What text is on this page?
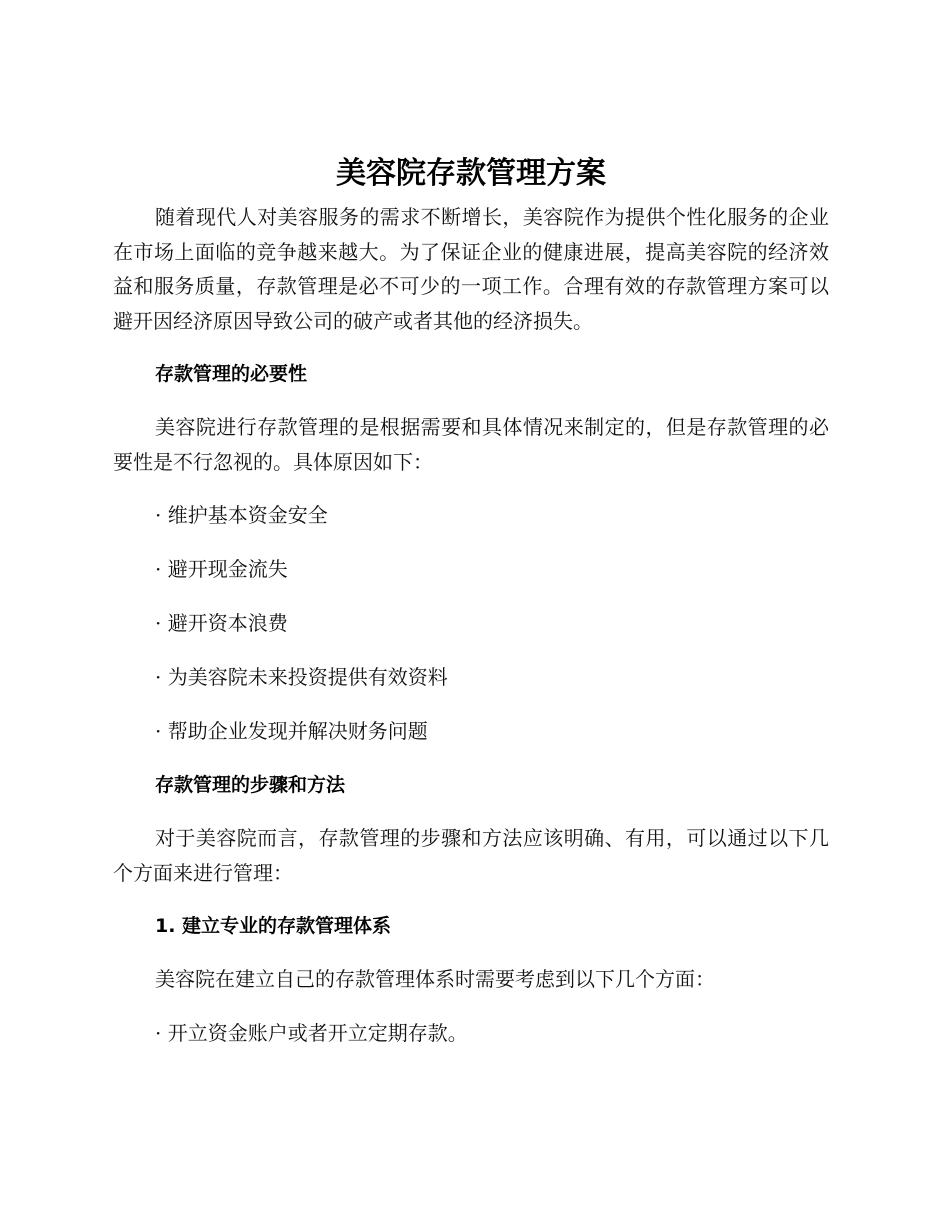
美容院存款管理方案

随着现代人对美容服务的需求不断增长，美容院作为提供个性化服务的企业在市场上面临的竞争越来越大。为了保证企业的健康进展，提高美容院的经济效益和服务质量，存款管理是必不可少的一项工作。合理有效的存款管理方案可以避开因经济原因导致公司的破产或者其他的经济损失。

存款管理的必要性

美容院进行存款管理的是根据需要和具体情况来制定的，但是存款管理的必要性是不行忽视的。具体原因如下：

· 维护基本资金安全

· 避开现金流失

· 避开资本浪费

· 为美容院未来投资提供有效资料

· 帮助企业发现并解决财务问题

存款管理的步骤和方法

对于美容院而言，存款管理的步骤和方法应该明确、有用，可以通过以下几个方面来进行管理：

1. 建立专业的存款管理体系

美容院在建立自己的存款管理体系时需要考虑到以下几个方面：

· 开立资金账户或者开立定期存款。
